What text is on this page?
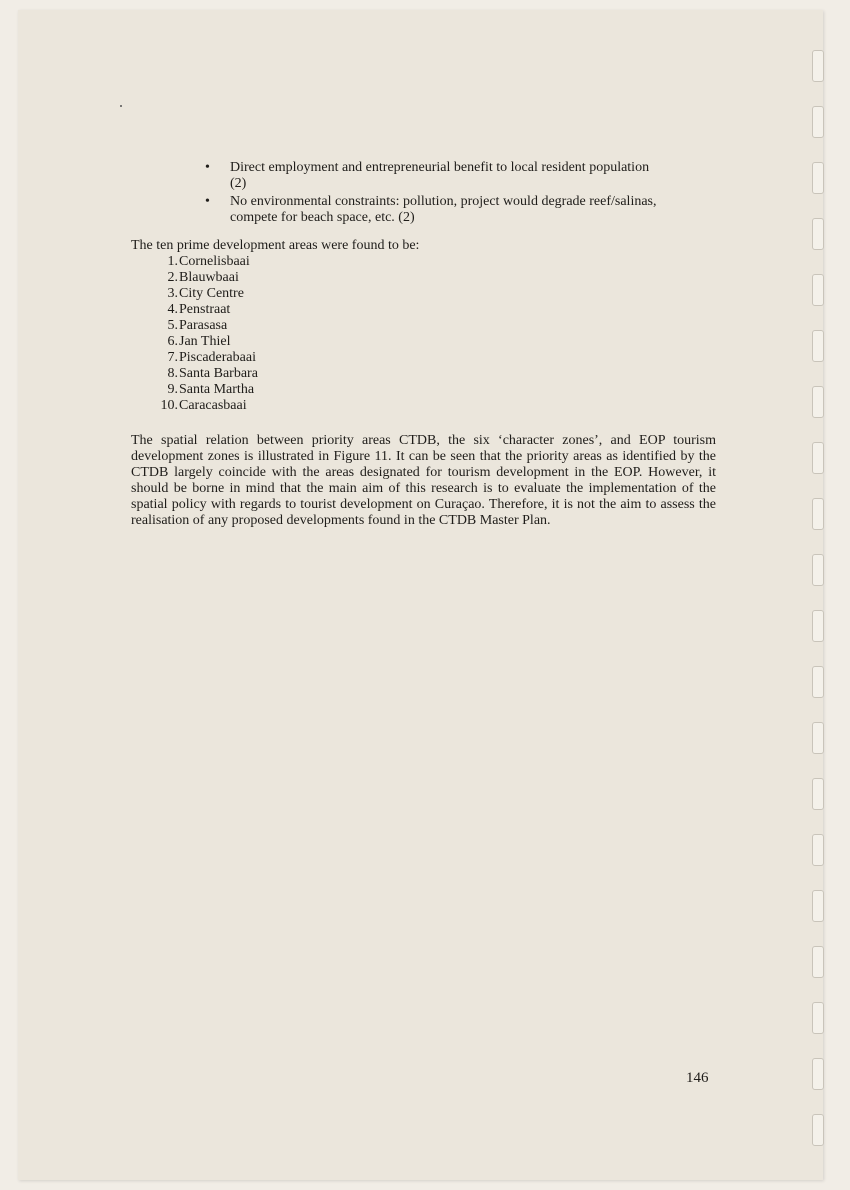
• Direct employment and entrepreneurial benefit to local resident population (2)
• No environmental constraints: pollution, project would degrade reef/salinas, compete for beach space, etc. (2)

The ten prime development areas were found to be:

1. Cornelisbaai
2. Blauwbaai
3. City Centre
4. Penstraat
5. Parasasa
6. Jan Thiel
7. Piscaderabaai
8. Santa Barbara
9. Santa Martha
10. Caracasbaai

The spatial relation between priority areas CTDB, the six ‘character zones’, and EOP tourism development zones is illustrated in Figure 11. It can be seen that the priority areas as identified by the CTDB largely coincide with the areas designated for tourism development in the EOP. However, it should be borne in mind that the main aim of this research is to evaluate the implementation of the spatial policy with regards to tourist development on Curaçao. Therefore, it is not the aim to assess the realisation of any proposed developments found in the CTDB Master Plan.

146
